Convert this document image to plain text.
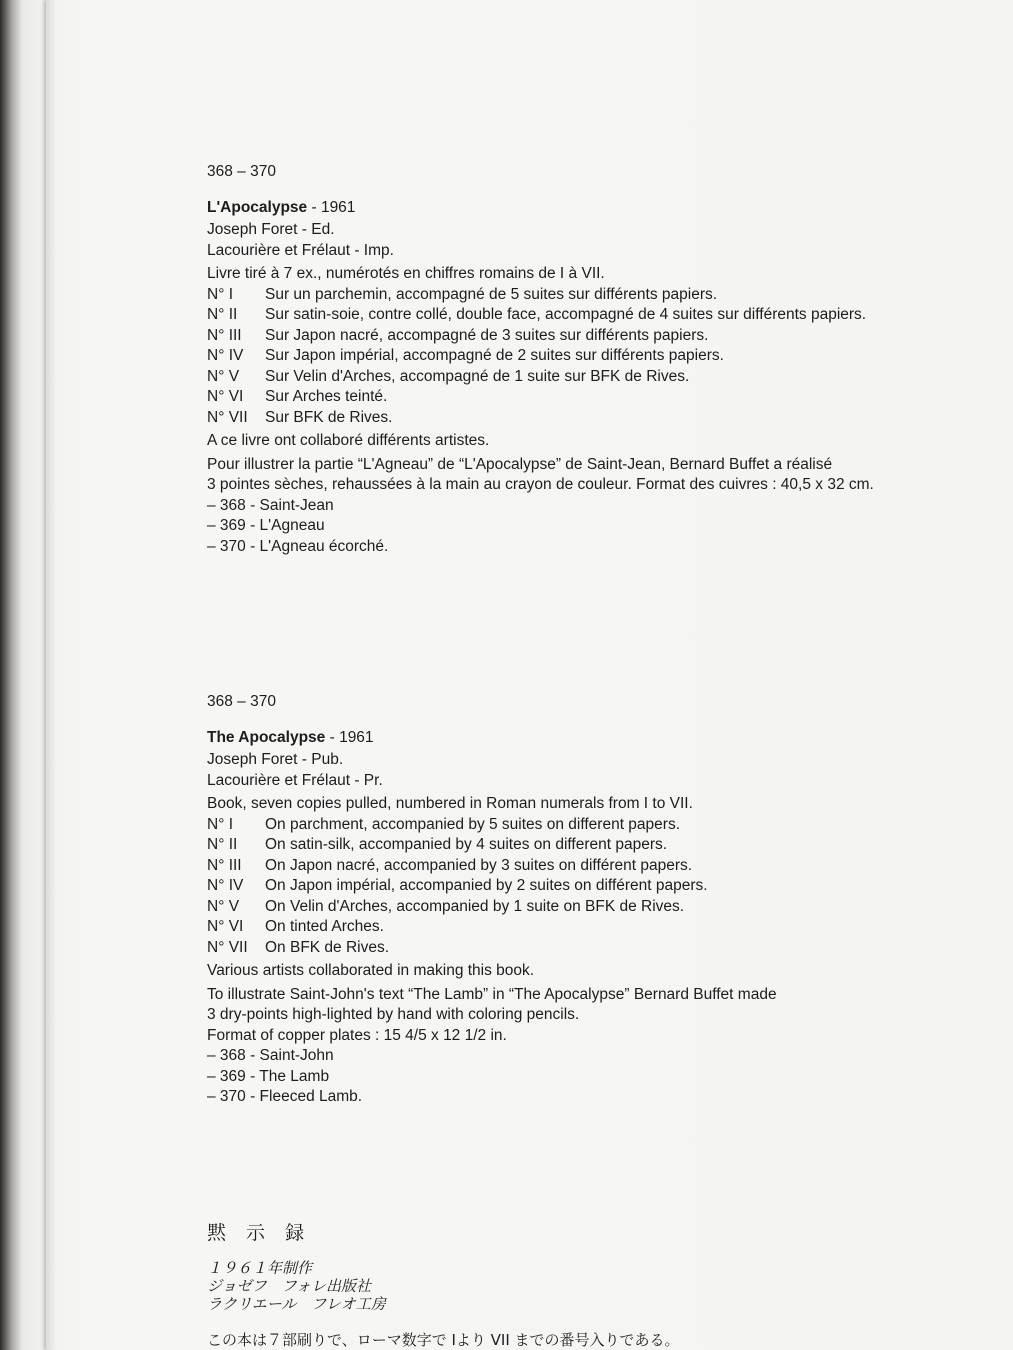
368 – 370
L'Apocalypse - 1961
Joseph Foret - Ed.
Lacourière et Frélaut - Imp.
Livre tiré à 7 ex., numérotés en chiffres romains de I à VII.
N° I	Sur un parchemin, accompagné de 5 suites sur différents papiers.
N° II	Sur satin-soie, contre collé, double face, accompagné de 4 suites sur différents papiers.
N° III	Sur Japon nacré, accompagné de 3 suites sur différents papiers.
N° IV	Sur Japon impérial, accompagné de 2 suites sur différents papiers.
N° V	Sur Velin d'Arches, accompagné de 1 suite sur BFK de Rives.
N° VI	Sur Arches teinté.
N° VII	Sur BFK de Rives.
A ce livre ont collaboré différents artistes.
Pour illustrer la partie “L'Agneau” de “L'Apocalypse” de Saint-Jean, Bernard Buffet a réalisé
3 pointes sèches, rehaussées à la main au crayon de couleur. Format des cuivres : 40,5 x 32 cm.
– 368 - Saint-Jean
– 369 - L'Agneau
– 370 - L'Agneau écorché.
368 – 370
The Apocalypse - 1961
Joseph Foret - Pub.
Lacourière et Frélaut - Pr.
Book, seven copies pulled, numbered in Roman numerals from I to VII.
N° I	On parchment, accompanied by 5 suites on different papers.
N° II	On satin-silk, accompanied by 4 suites on different papers.
N° III	On Japon nacré, accompanied by 3 suites on différent papers.
N° IV	On Japon impérial, accompanied by 2 suites on différent papers.
N° V	On Velin d'Arches, accompanied by 1 suite on BFK de Rives.
N° VI	On tinted Arches.
N° VII	On BFK de Rives.
Various artists collaborated in making this book.
To illustrate Saint-John's text “The Lamb” in “The Apocalypse” Bernard Buffet made
3 dry-points high-lighted by hand with coloring pencils.
Format of copper plates : 15 4/5 x 12 1/2 in.
– 368 - Saint-John
– 369 - The Lamb
– 370 - Fleeced Lamb.
黙 示 録
１９６１年制作
ジョゼフ　フォレ出版社
ラクリエール　フレオ工房
この本は７部刷りで、ローマ数字で Ⅰより VII までの番号入りである。
